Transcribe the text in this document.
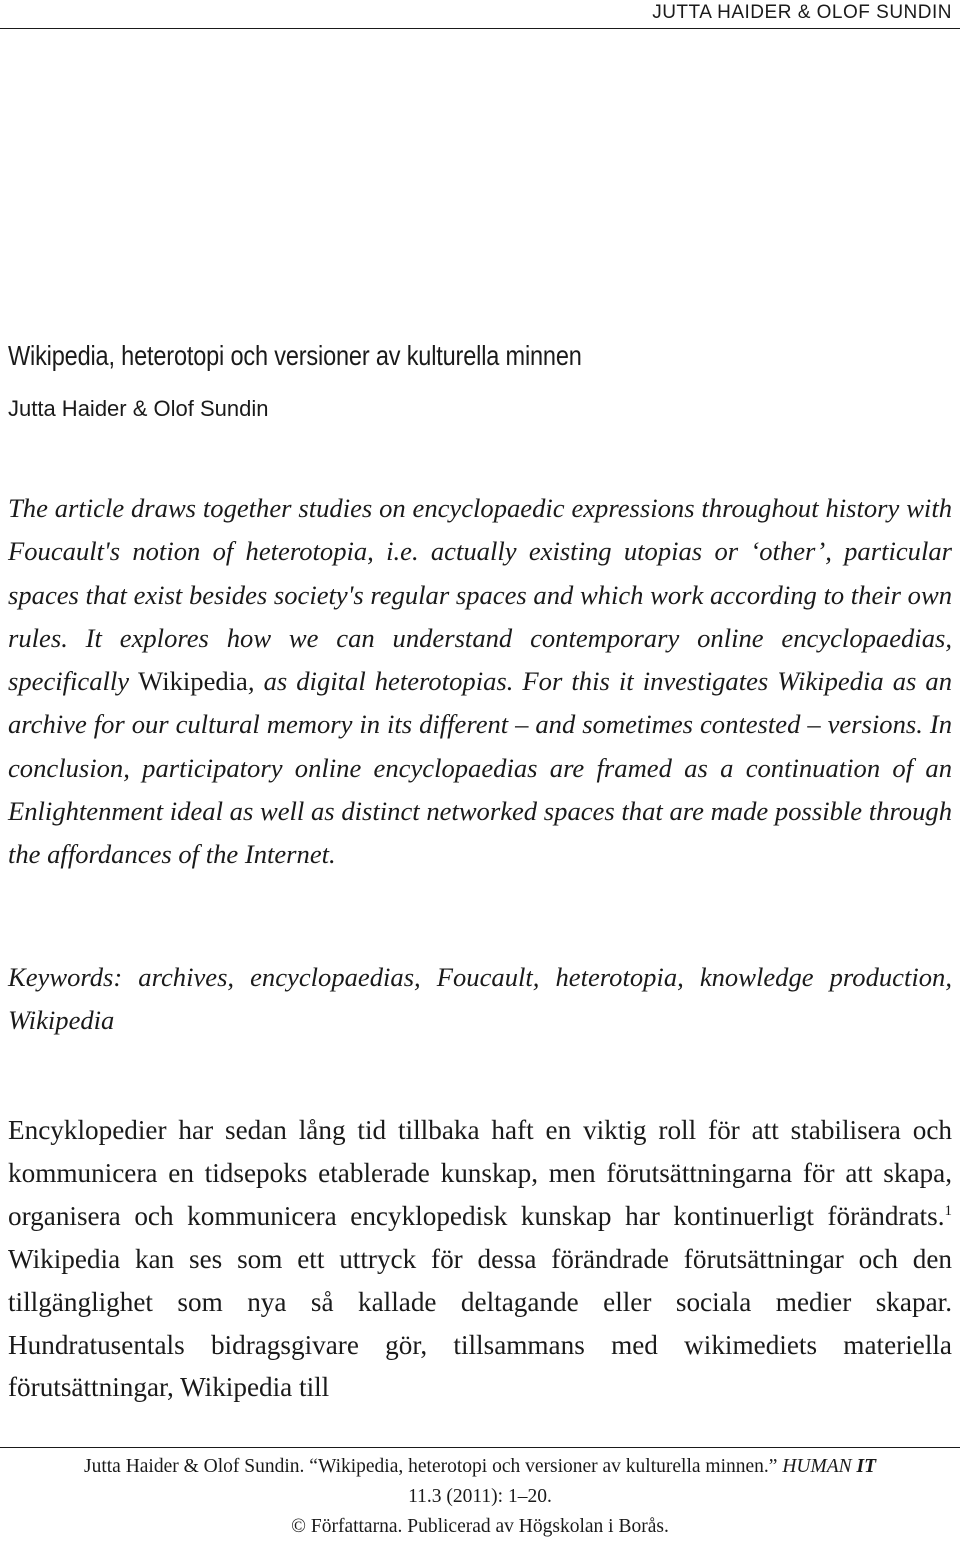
JUTTA HAIDER & OLOF SUNDIN
Wikipedia, heterotopi och versioner av kulturella minnen

Jutta Haider & Olof Sundin

The article draws together studies on encyclopaedic expressions throughout history with Foucault's notion of heterotopia, i.e. actually existing utopias or ‘other’, particular spaces that exist besides society's regular spaces and which work according to their own rules. It explores how we can understand contemporary online encyclopaedias, specifically Wikipedia, as digital heterotopias. For this it investigates Wikipedia as an archive for our cultural memory in its different – and sometimes contested – versions. In conclusion, participatory online encyclopaedias are framed as a continuation of an Enlightenment ideal as well as distinct networked spaces that are made possible through the affordances of the Internet.

Keywords: archives, encyclopaedias, Foucault, heterotopia, knowledge production, Wikipedia

Encyklopedier har sedan lång tid tillbaka haft en viktig roll för att stabilisera och kommunicera en tidsepoks etablerade kunskap, men förutsättningarna för att skapa, organisera och kommunicera encyklopedisk kunskap har kontinuerligt förändrats.$^1$ Wikipedia kan ses som ett uttryck för dessa förändrade förutsättningar och den tillgänglighet som nya så kallade deltagande eller sociala medier skapar. Hundratusentals bidragsgivare gör, tillsammans med wikimediets materiella förutsättningar, Wikipedia till

Jutta Haider & Olof Sundin. “Wikipedia, heterotopi och versioner av kulturella minnen.” HUMAN IT
11.3 (2011): 1–20.
© Författarna. Publicerad av Högskolan i Borås.
